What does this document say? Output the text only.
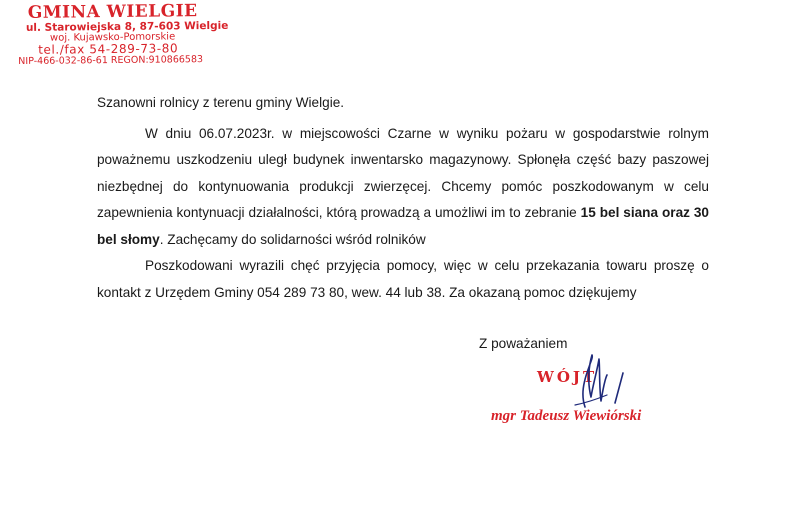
GMINA WIELGIE
ul. Starowiejska 8, 87-603 Wielgie
woj. Kujawsko-Pomorskie
tel./fax 54-289-73-80
NIP-466-032-86-61 REGON:910866583

Szanowni rolnicy z terenu gminy Wielgie.

W dniu 06.07.2023r. w miejscowości Czarne w wyniku pożaru w gospodarstwie rolnym poważnemu uszkodzeniu uległ budynek inwentarsko magazynowy. Spłonęła część bazy paszowej niezbędnej do kontynuowania produkcji zwierzęcej. Chcemy pomóc poszkodowanym w celu zapewnienia kontynuacji działalności, którą prowadzą a umożliwi im to zebranie 15 bel siana oraz 30 bel słomy. Zachęcamy do solidarności wśród rolników

Poszkodowani wyrazili chęć przyjęcia pomocy, więc w celu przekazania towaru proszę o kontakt z Urzędem Gminy 054 289 73 80, wew. 44 lub 38. Za okazaną pomoc dziękujemy

Z poważaniem
WÓJT
mgr Tadeusz Wiewiórski
